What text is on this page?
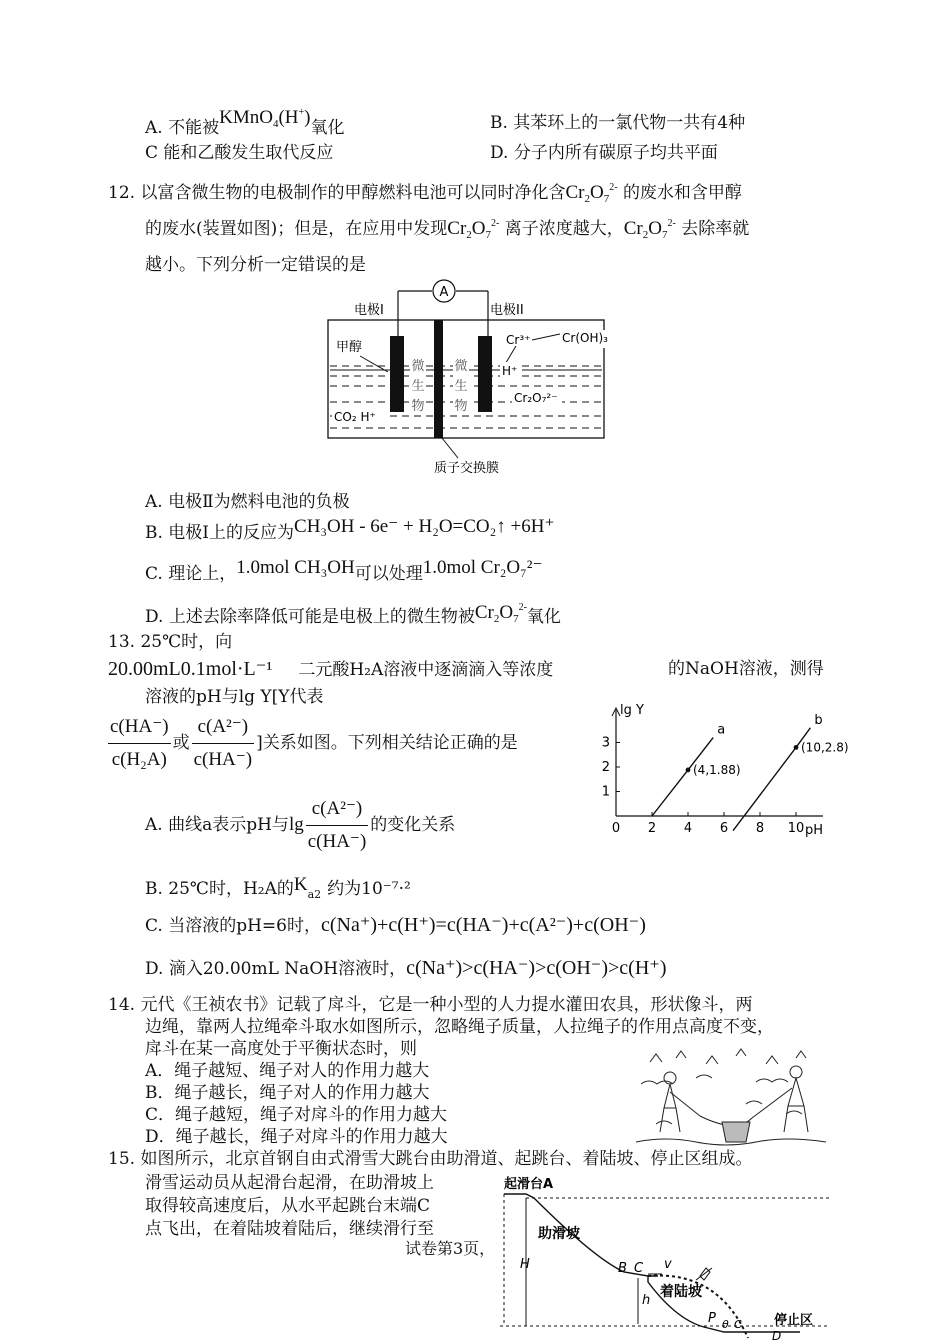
A. 不能被KMnO$_4$(H+)氧化	B. 其苯环上的一氯代物一共有4种
C 能和乙酸发生取代反应	D. 分子内所有碳原子均共平面
12. 以富含微生物的电极制作的甲醇燃料电池可以同时净化含$Cr_2O_7^{2-}$ 的废水和含甲醇
的废水(装置如图)；但是，在应用中发现$Cr_2O_7^{2-}$ 离子浓度越大，$Cr_2O_7^{2-}$ 去除率就
越小。下列分析一定错误的是
A
电极I	电极II
质子交换膜
微
生
物
微
生
物
甲醇
CO₂ H⁺
Cr³⁺	Cr(OH)₃
H⁺
Cr₂O₇²⁻
A. 电极Ⅱ为燃料电池的负极
B. 电极Ⅰ上的反应为CH₃OH - 6e⁻ + H₂O=CO₂↑ +6H⁺
C. 理论上，1.0mol CH₃OH可以处理1.0mol Cr₂O₇²⁻
D. 上述去除率降低可能是电极上的微生物被$Cr_2O_7^{2-}$氧化
13. 25℃时，向
20.00mL0.1mol·L⁻¹ 二元酸H₂A溶液中逐滴滴入等浓度	的NaOH溶液，测得
溶液的pH与lg Y[Y代表
$\frac{c(HA^-)}{\text{c(H₂A)}}$ 或 $\frac{\text{c(A²⁻)}}{c(HA^-)}$ ]关系如图。下列相关结论正确的是
lg Y
pH
0 2 4 6 8 10
1
2
3
a
(4,1.88)
b
(10,2.8)
A. 曲线a表示pH与$\lg \frac{\text{c(A²⁻)}}{c(HA^-)}$ 的变化关系
B. 25℃时，H₂A的$K_{a2}$ 约为10⁻⁷·²
C. 当溶液的pH=6时，c(Na⁺)+c(H⁺)=c(HA⁻)+c(A²⁻)+c(OH⁻)
D. 滴入20.00mL NaOH溶液时，c(Na⁺)>c(HA⁻)>c(OH⁻)>c(H⁺)
14. 元代《王祯农书》记载了戽斗，它是一种小型的人力提水灌田农具，形状像斗，两
边绳，靠两人拉绳牵斗取水如图所示，忽略绳子质量，人拉绳子的作用点高度不变，
戽斗在某一高度处于平衡状态时，则
A．绳子越短、绳子对人的作用力越大
B．绳子越长，绳子对人的作用力越大
C．绳子越短，绳子对戽斗的作用力越大
D．绳子越长，绳子对戽斗的作用力越大
15. 如图所示，北京首钢自由式滑雪大跳台由助滑道、起跳台、着陆坡、停止区组成。
滑雪运动员从起滑台起滑，在助滑坡上
取得较高速度后，从水平起跳台末端C
点飞出，在着陆坡着陆后，继续滑行至
起滑台A
助滑坡
B C v
H
h
着陆坡
P θ C 停止区
D
试卷第3页，
